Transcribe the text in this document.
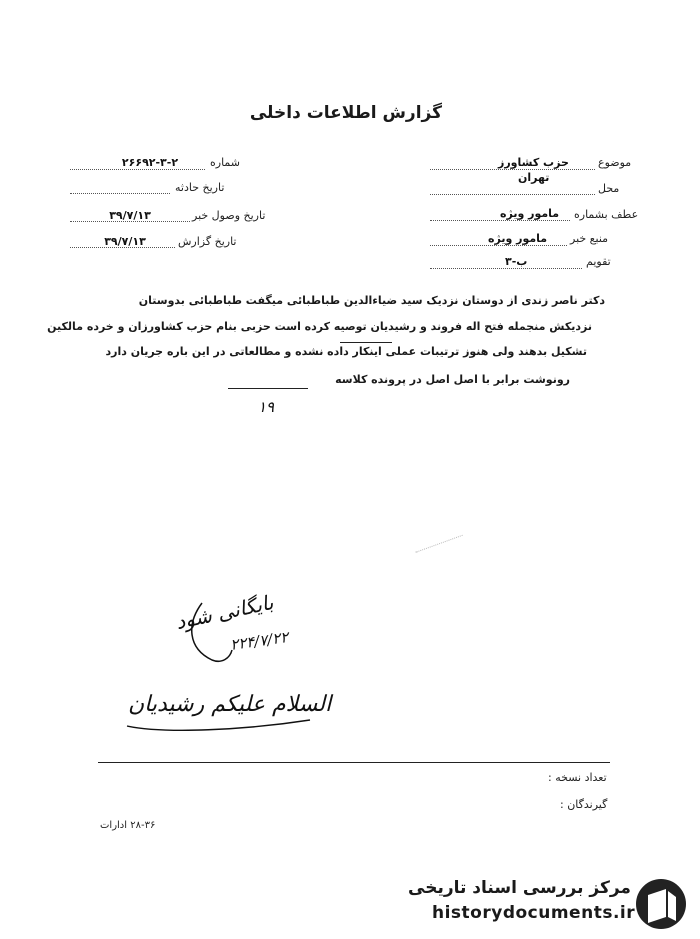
گزارش اطلاعات داخلی
شماره
۲۶۶۹۲-۳-۲
تاریخ حادثه
تاریخ وصول خبر
۳۹/۷/۱۳
تاریخ گزارش
۳۹/۷/۱۳
موضوع
حزب کشاورز
تهران
محل
عطف بشماره
مامور ویژه
منبع خبر
مامور ویژه
تقویم
ب-۳
دکتر ناصر زندی از دوستان نزدیک سید ضیاءالدین طباطبائی میگفت طباطبائی بدوستان
نزدیکش منجمله فتح اله فروند و رشیدیان توصیه کرده است حزبی بنام حزب کشاورزان و خرده مالکین
تشکیل بدهند ولی هنوز ترتیبات عملی اینکار داده نشده و مطالعاتی در این باره جریان دارد
رونوشت برابر با اصل اصل در پرونده کلاسه
۱۹
بایگانی شود
۲۲۴/۷/۲۲
السلام علیکم رشیدیان
تعداد نسخه :
گیرندگان :
۲۸-۳۶ ادارات
مرکز بررسی اسناد تاریخی
historydocuments.ir
